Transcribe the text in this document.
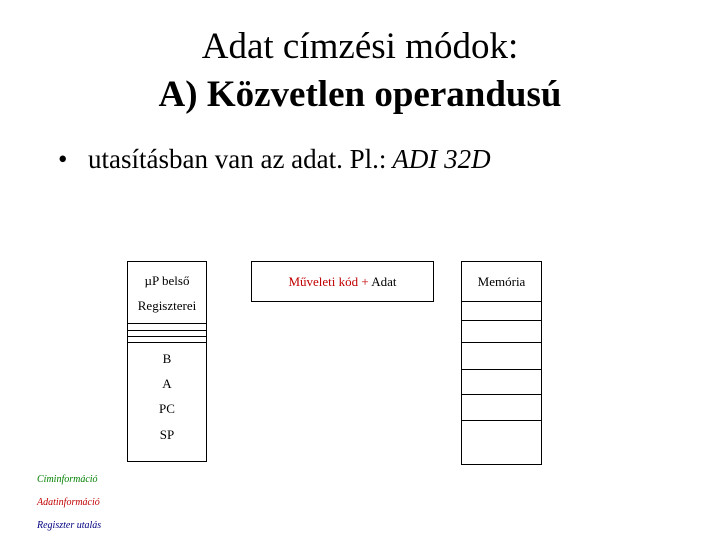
Adat címzési módok:
A) Közvetlen operandusú
• utasításban van az adat. Pl.: ADI 32D
µP belső
Regiszterei
B
A
PC
SP
Műveleti kód + Adat	Memória
Címinformáció
Adatinformáció
Regiszter utalás
